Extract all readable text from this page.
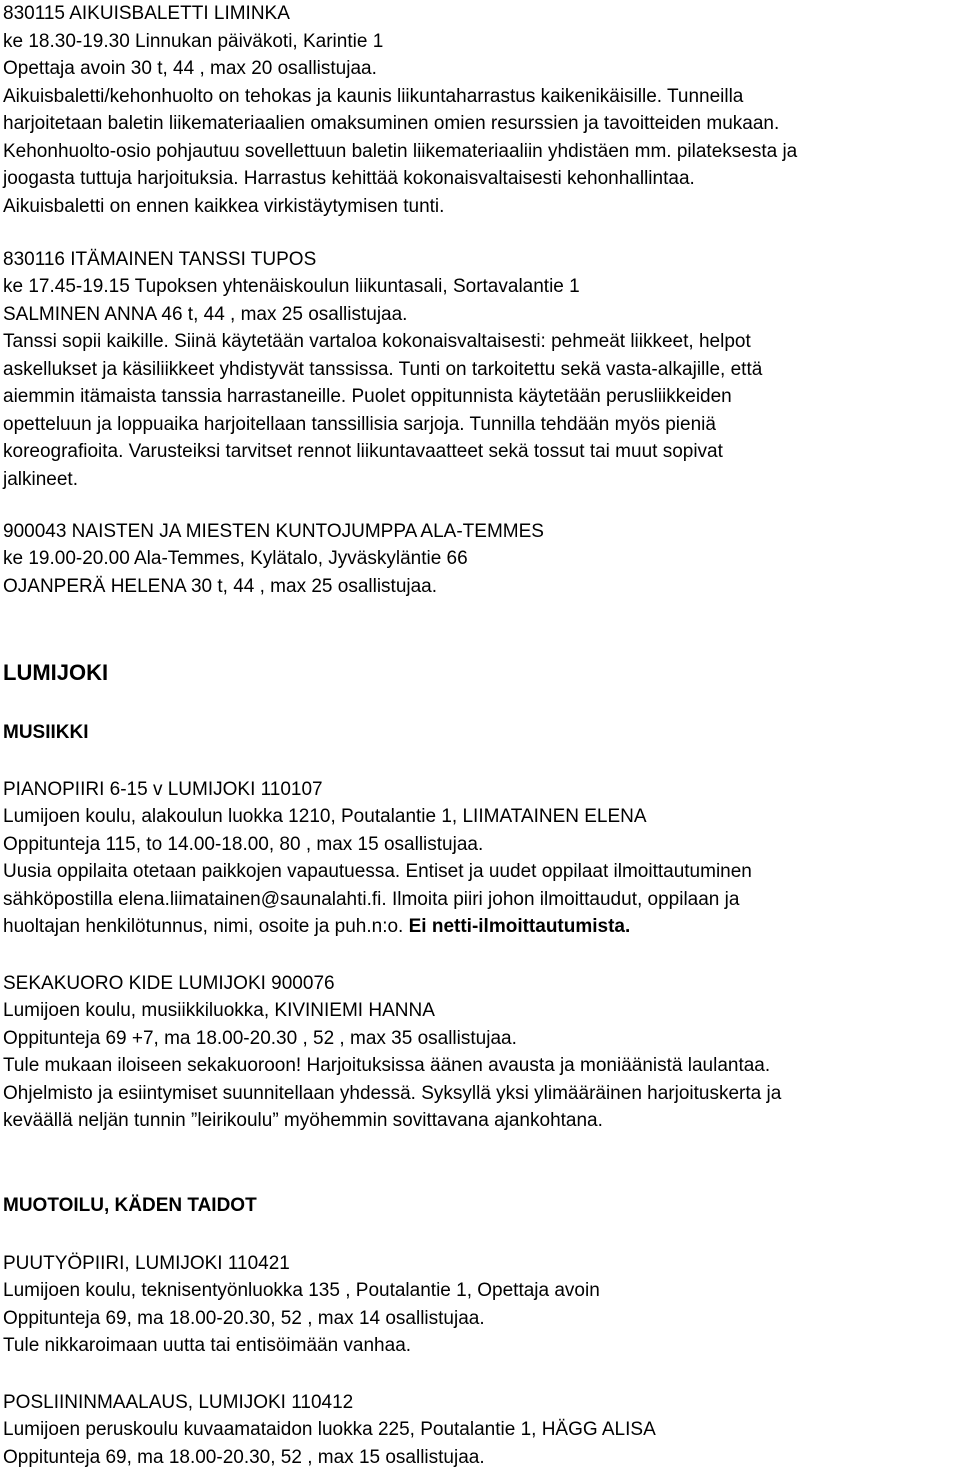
830115 AIKUISBALETTI LIMINKA
ke 18.30-19.30 Linnukan päiväkoti, Karintie 1
Opettaja avoin 30 t, 44 , max 20 osallistujaa.
Aikuisbaletti/kehonhuolto on tehokas ja kaunis liikuntaharrastus kaikenikäisille. Tunneilla
harjoitetaan baletin liikemateriaalien omaksuminen omien resurssien ja tavoitteiden mukaan.
Kehonhuolto-osio pohjautuu sovellettuun baletin liikemateriaaliin yhdistäen mm. pilateksesta ja
joogasta tuttuja harjoituksia. Harrastus kehittää kokonaisvaltaisesti kehonhallintaa.
Aikuisbaletti on ennen kaikkea virkistäytymisen tunti.
830116 ITÄMAINEN TANSSI TUPOS
ke 17.45-19.15 Tupoksen yhtenäiskoulun liikuntasali, Sortavalantie 1
SALMINEN ANNA 46 t, 44 , max 25 osallistujaa.
Tanssi sopii kaikille. Siinä käytetään vartaloa kokonaisvaltaisesti: pehmeät liikkeet, helpot
askellukset ja käsiliikkeet yhdistyvät tanssissa. Tunti on tarkoitettu sekä vasta-alkajille, että
aiemmin itämaista tanssia harrastaneille. Puolet oppitunnista käytetään perusliikkeiden
opetteluun ja loppuaika harjoitellaan tanssillisia sarjoja. Tunnilla tehdään myös pieniä
koreografioita. Varusteiksi tarvitset rennot liikuntavaatteet sekä tossut tai muut sopivat
jalkineet.
900043 NAISTEN JA MIESTEN KUNTOJUMPPA ALA-TEMMES
ke 19.00-20.00 Ala-Temmes, Kylätalo, Jyväskyläntie 66
OJANPERÄ HELENA 30 t, 44 , max 25 osallistujaa.
LUMIJOKI
MUSIIKKI
PIANOPIIRI 6-15 v LUMIJOKI 110107
Lumijoen koulu, alakoulun luokka 1210, Poutalantie 1, LIIMATAINEN ELENA
Oppitunteja 115, to 14.00-18.00, 80 , max 15 osallistujaa.
Uusia oppilaita otetaan paikkojen vapautuessa. Entiset ja uudet oppilaat ilmoittautuminen
sähköpostilla elena.liimatainen@saunalahti.fi. Ilmoita piiri johon ilmoittaudut, oppilaan ja
huoltajan henkilötunnus, nimi, osoite ja puh.n:o. Ei netti-ilmoittautumista.
SEKAKUORO KIDE LUMIJOKI 900076
Lumijoen koulu, musiikkiluokka, KIVINIEMI HANNA
Oppitunteja 69 +7, ma 18.00-20.30 , 52 , max 35 osallistujaa.
Tule mukaan iloiseen sekakuoroon! Harjoituksissa äänen avausta ja moniäänistä laulantaa.
Ohjelmisto ja esiintymiset suunnitellaan yhdessä. Syksyllä yksi ylimääräinen harjoituskerta ja
keväällä neljän tunnin ”leirikoulu” myöhemmin sovittavana ajankohtana.
MUOTOILU, KÄDEN TAIDOT
PUUTYÖPIIRI, LUMIJOKI 110421
Lumijoen koulu, teknisentyönluokka 135 , Poutalantie 1, Opettaja avoin
Oppitunteja 69, ma 18.00-20.30, 52 , max 14 osallistujaa.
Tule nikkaroimaan uutta tai entisöimään vanhaa.
POSLIININMAALAUS, LUMIJOKI 110412
Lumijoen peruskoulu kuvaamataidon luokka 225, Poutalantie 1, HÄGG ALISA
Oppitunteja 69, ma 18.00-20.30, 52 , max 15 osallistujaa.
